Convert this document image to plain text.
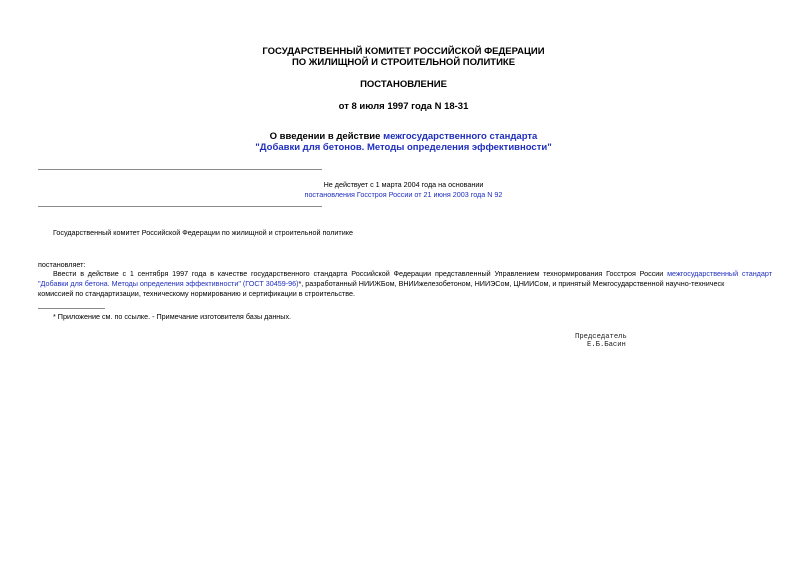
ГОСУДАРСТВЕННЫЙ КОМИТЕТ РОССИЙСКОЙ ФЕДЕРАЦИИ
ПО ЖИЛИЩНОЙ И СТРОИТЕЛЬНОЙ ПОЛИТИКЕ
ПОСТАНОВЛЕНИЕ
от 8 июля 1997 года N 18-31
О введении в действие межгосударственного стандарта
"Добавки для бетонов. Методы определения эффективности"
Не действует с 1 марта 2004 года на основании
постановления Госстроя России от 21 июня 2003 года N 92
Государственный комитет Российской Федерации по жилищной и строительной политике
постановляет:
Ввести в действие с 1 сентября 1997 года в качестве государственного стандарта Российской Федерации представленный Управлением технормирования Госстроя России межгосударственный стандарт
"Добавки для бетона. Методы определения эффективности" (ГОСТ 30459-96)*, разработанный НИИЖБом, ВНИИжелезобетоном, НИИЭСом, ЦНИИСом, и принятый Межгосударственной научно-техническ
комиссией по стандартизации, техническому нормированию и сертификации в строительстве.
* Приложение см. по ссылке. - Примечание изготовителя базы данных.
Председатель
Е.Б.Басин
